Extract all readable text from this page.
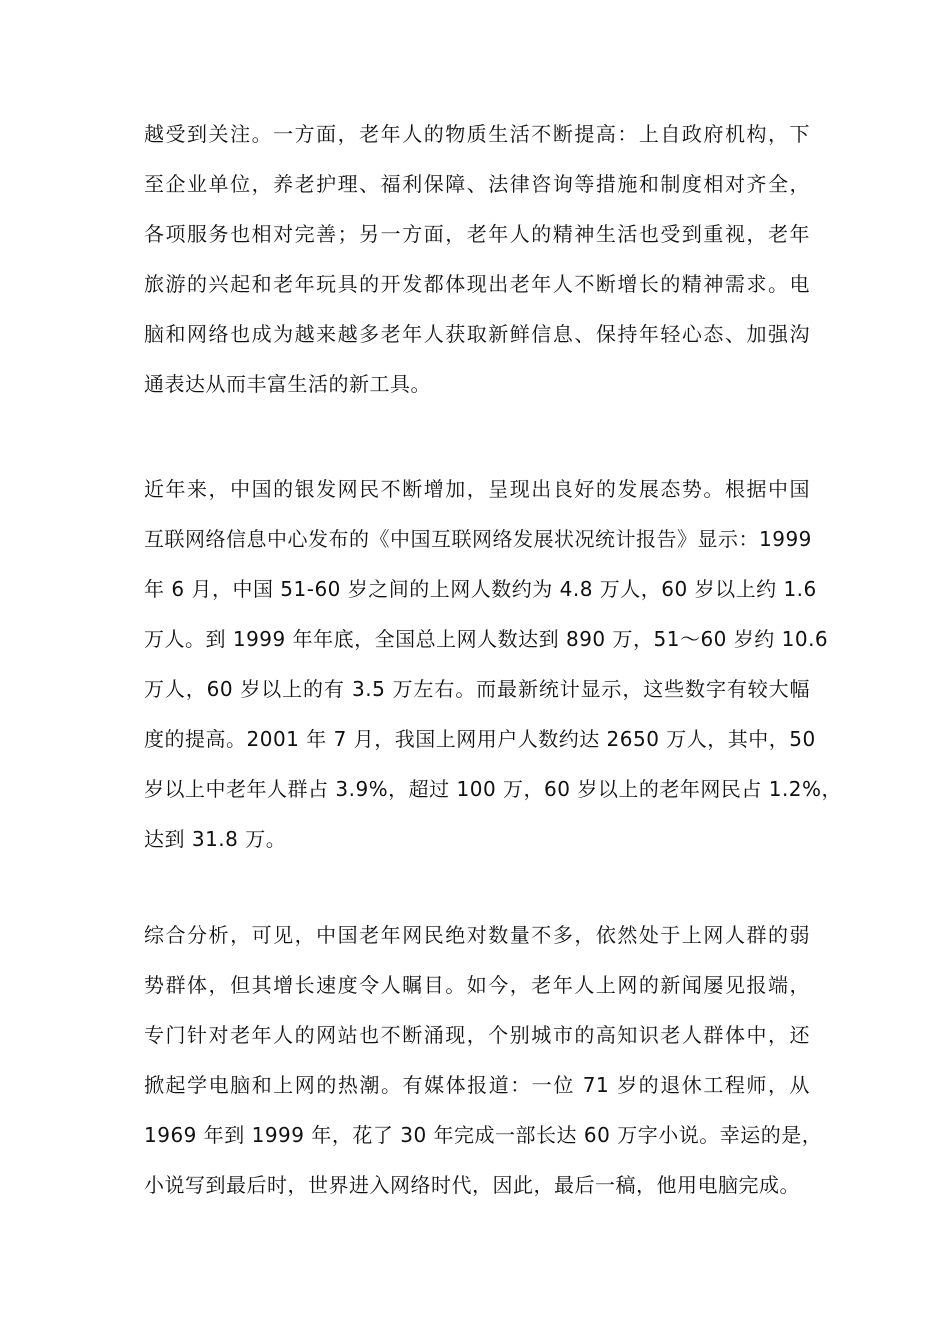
越受到关注。一方面，老年人的物质生活不断提高：上自政府机构，下
至企业单位，养老护理、福利保障、法律咨询等措施和制度相对齐全，
各项服务也相对完善；另一方面，老年人的精神生活也受到重视，老年
旅游的兴起和老年玩具的开发都体现出老年人不断增长的精神需求。电
脑和网络也成为越来越多老年人获取新鲜信息、保持年轻心态、加强沟
通表达从而丰富生活的新工具。
近年来，中国的银发网民不断增加，呈现出良好的发展态势。根据中国
互联网络信息中心发布的《中国互联网络发展状况统计报告》显示：1999
年 6 月，中国 51-60 岁之间的上网人数约为 4.8 万人，60 岁以上约 1.6
万人。到 1999 年年底，全国总上网人数达到 890 万，51～60 岁约 10.6
万人，60 岁以上的有 3.5 万左右。而最新统计显示，这些数字有较大幅
度的提高。2001 年 7 月，我国上网用户人数约达 2650 万人，其中，50
岁以上中老年人群占 3.9%，超过 100 万，60 岁以上的老年网民占 1.2%，
达到 31.8 万。
综合分析，可见，中国老年网民绝对数量不多，依然处于上网人群的弱
势群体，但其增长速度令人瞩目。如今，老年人上网的新闻屡见报端，
专门针对老年人的网站也不断涌现，个别城市的高知识老人群体中，还
掀起学电脑和上网的热潮。有媒体报道：一位 71 岁的退休工程师，从
1969 年到 1999 年，花了 30 年完成一部长达 60 万字小说。幸运的是，
小说写到最后时，世界进入网络时代，因此，最后一稿，他用电脑完成。
